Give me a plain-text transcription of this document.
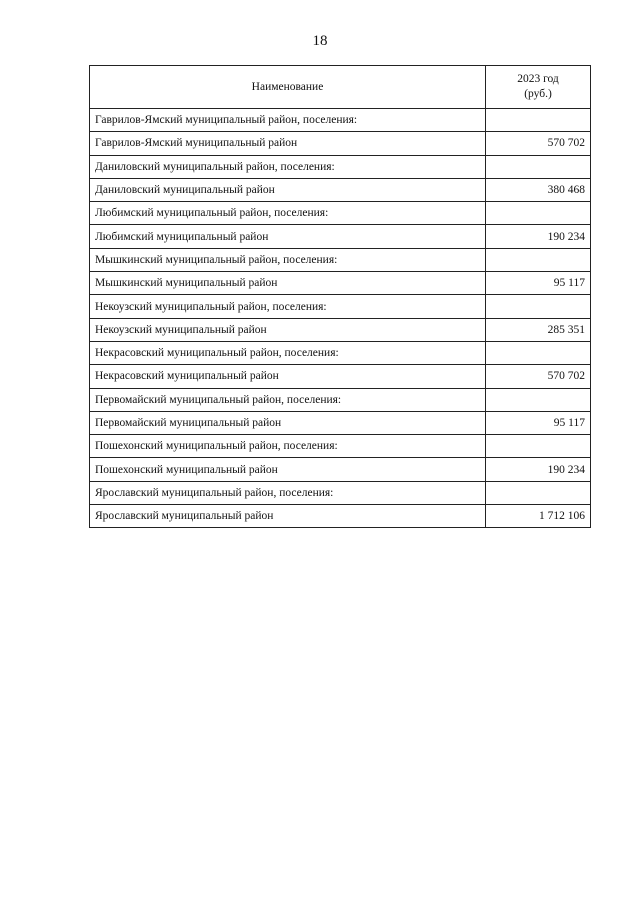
18
Наименование	2023 год
(руб.)

Гаврилов-Ямский муниципальный район, поселения:	
Гаврилов-Ямский муниципальный район	570 702
Даниловский муниципальный район, поселения:	
Даниловский муниципальный район	380 468
Любимский муниципальный район, поселения:	
Любимский муниципальный район	190 234
Мышкинский муниципальный район, поселения:	
Мышкинский муниципальный район	95 117
Некоузский муниципальный район, поселения:	
Некоузский муниципальный район	285 351
Некрасовский муниципальный район, поселения:	
Некрасовский муниципальный район	570 702
Первомайский муниципальный район, поселения:	
Первомайский муниципальный район	95 117
Пошехонский муниципальный район, поселения:	
Пошехонский муниципальный район	190 234
Ярославский муниципальный район, поселения:	
Ярославский муниципальный район	1 712 106
